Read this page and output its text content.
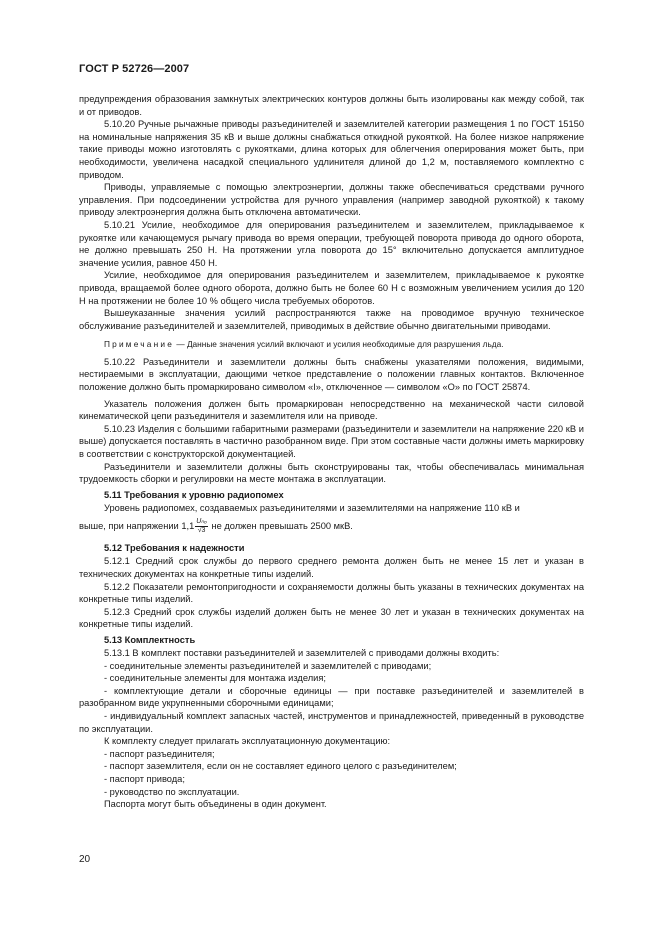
ГОСТ Р 52726—2007

предупреждения образования замкнутых электрических контуров должны быть изолированы как между собой, так и от приводов.

5.10.20 Ручные рычажные приводы разъединителей и заземлителей категории размещения 1 по ГОСТ 15150 на номинальные напряжения 35 кВ и выше должны снабжаться откидной рукояткой. На более низкое напряжение такие приводы можно изготовлять с рукоятками, длина которых для облегчения оперирования может быть, при необходимости, увеличена насадкой специального удлинителя длиной до 1,2 м, поставляемого комплектно с приводом.

Приводы, управляемые с помощью электроэнергии, должны также обеспечиваться средствами ручного управления. При подсоединении устройства для ручного управления (например заводной рукояткой) к такому приводу электроэнергия должна быть отключена автоматически.

5.10.21 Усилие, необходимое для оперирования разъединителем и заземлителем, прикладываемое к рукоятке или качающемуся рычагу привода во время операции, требующей поворота привода до одного оборота, не должно превышать 250 Н. На протяжении угла поворота до 15° включительно допускается амплитудное значение усилия, равное 450 Н.

Усилие, необходимое для оперирования разъединителем и заземлителем, прикладываемое к рукоятке привода, вращаемой более одного оборота, должно быть не более 60 Н с возможным увеличением усилия до 120 Н на протяжении не более 10 % общего числа требуемых оборотов.

Вышеуказанные значения усилий распространяются также на проводимое вручную техническое обслуживание разъединителей и заземлителей, приводимых в действие обычно двигательными приводами.

Примечание — Данные значения усилий включают и усилия необходимые для разрушения льда.

5.10.22 Разъединители и заземлители должны быть снабжены указателями положения, видимыми, нестираемыми в эксплуатации, дающими четкое представление о положении главных контактов. Включенное положение должно быть промаркировано символом «I», отключенное — символом «О» по ГОСТ 25874.

Указатель положения должен быть промаркирован непосредственно на механической части силовой кинематической цепи разъединителя и заземлителя или на приводе.

5.10.23 Изделия с большими габаритными размерами (разъединители и заземлители на напряжение 220 кВ и выше) допускается поставлять в частично разобранном виде. При этом составные части должны иметь маркировку в соответствии с конструкторской документацией.

Разъединители и заземлители должны быть сконструированы так, чтобы обеспечивалась минимальная трудоемкость сборки и регулировки на месте монтажа в эксплуатации.

5.11 Требования к уровню радиопомех

Уровень радиопомех, создаваемых разъединителями и заземлителями на напряжение 110 кВ и

выше, при напряжении $1,1 \frac{\text{Uₙₒ}}{√3}$ не должен превышать 2500 мкВ.

5.12 Требования к надежности

5.12.1 Средний срок службы до первого среднего ремонта должен быть не менее 15 лет и указан в технических документах на конкретные типы изделий.

5.12.2 Показатели ремонтопригодности и сохраняемости должны быть указаны в технических документах на конкретные типы изделий.

5.12.3 Средний срок службы изделий должен быть не менее 30 лет и указан в технических документах на конкретные типы изделий.

5.13 Комплектность

5.13.1 В комплект поставки разъединителей и заземлителей с приводами должны входить:

- соединительные элементы разъединителей и заземлителей с приводами;

- соединительные элементы для монтажа изделия;

- комплектующие детали и сборочные единицы — при поставке разъединителей и заземлителей в разобранном виде укрупненными сборочными единицами;

- индивидуальный комплект запасных частей, инструментов и принадлежностей, приведенный в руководстве по эксплуатации.

К комплекту следует прилагать эксплуатационную документацию:

- паспорт разъединителя;

- паспорт заземлителя, если он не составляет единого целого с разъединителем;

- паспорт привода;

- руководство по эксплуатации.

Паспорта могут быть объединены в один документ.

20
